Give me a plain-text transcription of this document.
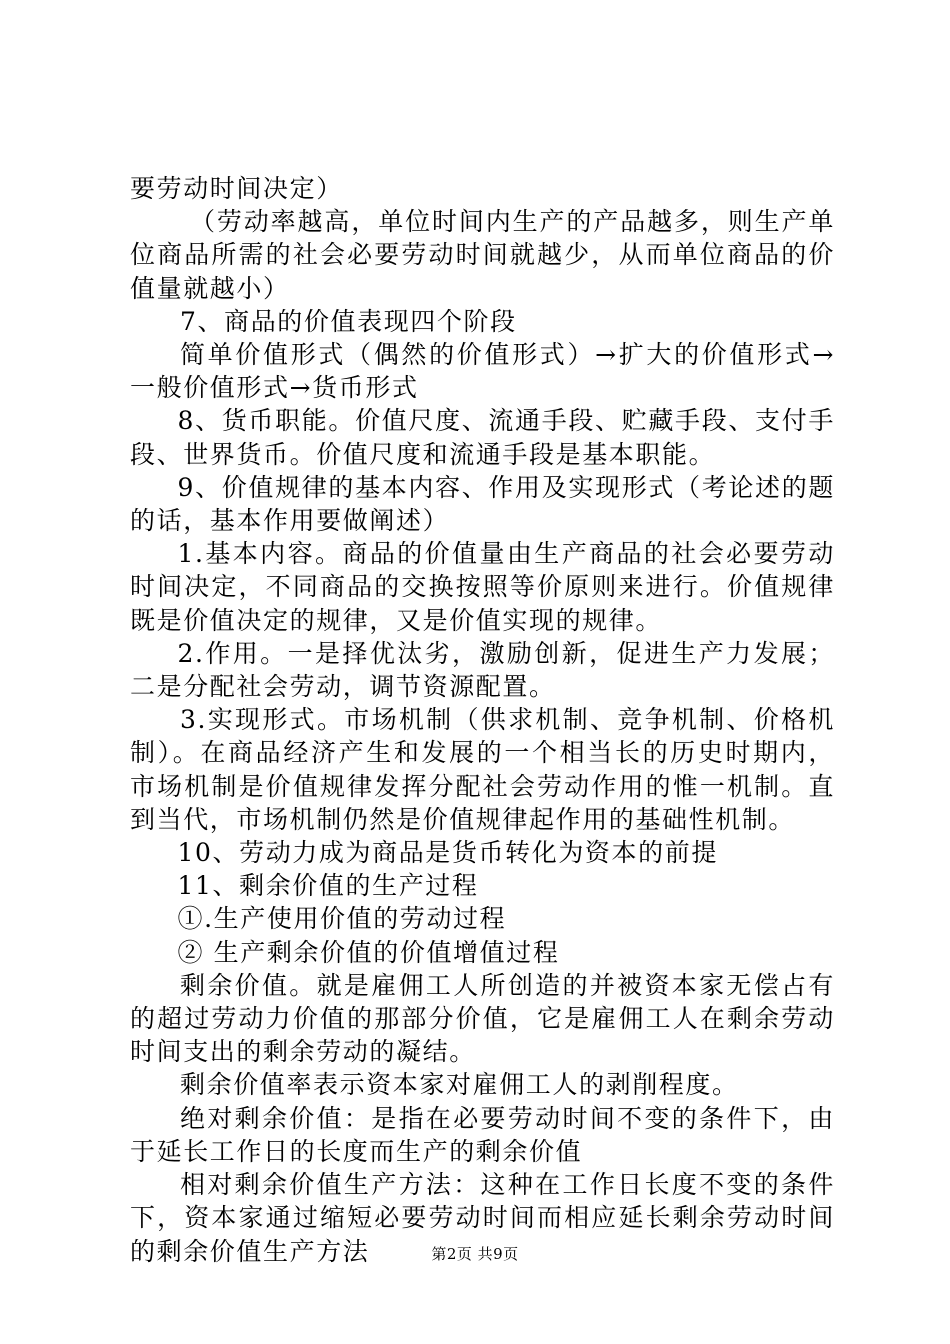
要劳动时间决定）

（劳动率越高，单位时间内生产的产品越多，则生产单位商品所需的社会必要劳动时间就越少，从而单位商品的价值量就越小）

7、商品的价值表现四个阶段

简单价值形式（偶然的价值形式）→扩大的价值形式→一般价值形式→货币形式

8、货币职能。价值尺度、流通手段、贮藏手段、支付手段、世界货币。价值尺度和流通手段是基本职能。

9、价值规律的基本内容、作用及实现形式（考论述的题的话，基本作用要做阐述）

1.基本内容。商品的价值量由生产商品的社会必要劳动时间决定，不同商品的交换按照等价原则来进行。价值规律既是价值决定的规律，又是价值实现的规律。

2.作用。一是择优汰劣，激励创新，促进生产力发展；二是分配社会劳动，调节资源配置。

3.实现形式。市场机制（供求机制、竞争机制、价格机制）。在商品经济产生和发展的一个相当长的历史时期内，市场机制是价值规律发挥分配社会劳动作用的惟一机制。直到当代，市场机制仍然是价值规律起作用的基础性机制。

10、劳动力成为商品是货币转化为资本的前提

11、剩余价值的生产过程

①.生产使用价值的劳动过程

② 生产剩余价值的价值增值过程

剩余价值。就是雇佣工人所创造的并被资本家无偿占有的超过劳动力价值的那部分价值，它是雇佣工人在剩余劳动时间支出的剩余劳动的凝结。

剩余价值率表示资本家对雇佣工人的剥削程度。

绝对剩余价值：是指在必要劳动时间不变的条件下，由于延长工作日的长度而生产的剩余价值

相对剩余价值生产方法：这种在工作日长度不变的条件下，资本家通过缩短必要劳动时间而相应延长剩余劳动时间的剩余价值生产方法	第2页 共9页
